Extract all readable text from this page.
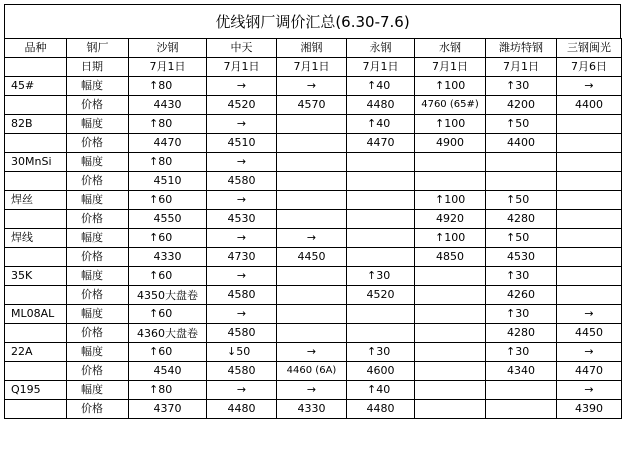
优线钢厂调价汇总(6.30-7.6)
品种	钢厂	沙钢	中天	湘钢	永钢	水钢	潍坊特钢	三钢闽光
	日期	7月1日	7月1日	7月1日	7月1日	7月1日	7月1日	7月6日
45#	幅度	↑80	→	→	↑40	↑100	↑30	→
	价格	4430	4520	4570	4480	4760 (65#)	4200	4400
82B	幅度	↑80	→		↑40	↑100	↑50	
	价格	4470	4510		4470	4900	4400	
30MnSi	幅度	↑80	→					
	价格	4510	4580					
焊丝	幅度	↑60	→			↑100	↑50	
	价格	4550	4530			4920	4280	
焊线	幅度	↑60	→	→		↑100	↑50	
	价格	4330	4730	4450		4850	4530	
35K	幅度	↑60	→		↑30		↑30	
	价格	4350大盘卷	4580		4520		4260	
ML08AL	幅度	↑60	→				↑30	→
	价格	4360大盘卷	4580				4280	4450
22A	幅度	↑60	↓50	→	↑30		↑30	→
	价格	4540	4580	4460 (6A)	4600		4340	4470
Q195	幅度	↑80	→	→	↑40			→
	价格	4370	4480	4330	4480			4390
